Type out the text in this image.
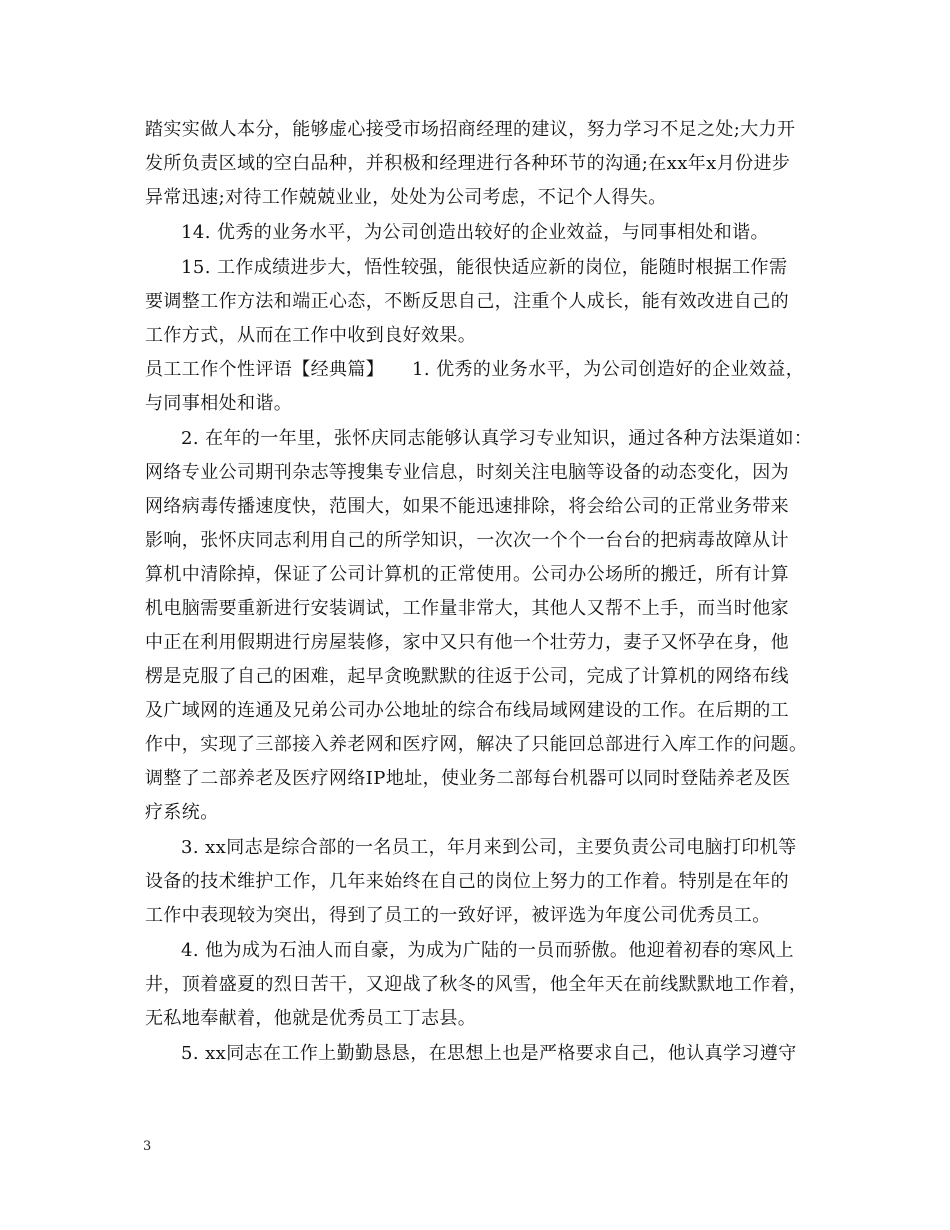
踏实实做人本分，能够虚心接受市场招商经理的建议，努力学习不足之处;大力开
发所负责区域的空白品种，并积极和经理进行各种环节的沟通;在xx年x月份进步
异常迅速;对待工作兢兢业业，处处为公司考虑，不记个人得失。
14. 优秀的业务水平，为公司创造出较好的企业效益，与同事相处和谐。
15. 工作成绩进步大，悟性较强，能很快适应新的岗位，能随时根据工作需
要调整工作方法和端正心态，不断反思自己，注重个人成长，能有效改进自己的
工作方式，从而在工作中收到良好效果。
员工工作个性评语【经典篇】　　1. 优秀的业务水平，为公司创造好的企业效益，
与同事相处和谐。
2. 在年的一年里，张怀庆同志能够认真学习专业知识，通过各种方法渠道如：
网络专业公司期刊杂志等搜集专业信息，时刻关注电脑等设备的动态变化，因为
网络病毒传播速度快，范围大，如果不能迅速排除，将会给公司的正常业务带来
影响，张怀庆同志利用自己的所学知识，一次次一个个一台台的把病毒故障从计
算机中清除掉，保证了公司计算机的正常使用。公司办公场所的搬迁，所有计算
机电脑需要重新进行安装调试，工作量非常大，其他人又帮不上手，而当时他家
中正在利用假期进行房屋装修，家中又只有他一个壮劳力，妻子又怀孕在身，他
楞是克服了自己的困难，起早贪晚默默的往返于公司，完成了计算机的网络布线
及广域网的连通及兄弟公司办公地址的综合布线局域网建设的工作。在后期的工
作中，实现了三部接入养老网和医疗网，解决了只能回总部进行入库工作的问题。
调整了二部养老及医疗网络IP地址，使业务二部每台机器可以同时登陆养老及医
疗系统。
3. xx同志是综合部的一名员工，年月来到公司，主要负责公司电脑打印机等
设备的技术维护工作，几年来始终在自己的岗位上努力的工作着。特别是在年的
工作中表现较为突出，得到了员工的一致好评，被评选为年度公司优秀员工。
4. 他为成为石油人而自豪，为成为广陆的一员而骄傲。他迎着初春的寒风上
井，顶着盛夏的烈日苦干，又迎战了秋冬的风雪，他全年天在前线默默地工作着，
无私地奉献着，他就是优秀员工丁志县。
5. xx同志在工作上勤勤恳恳，在思想上也是严格要求自己，他认真学习遵守
3
